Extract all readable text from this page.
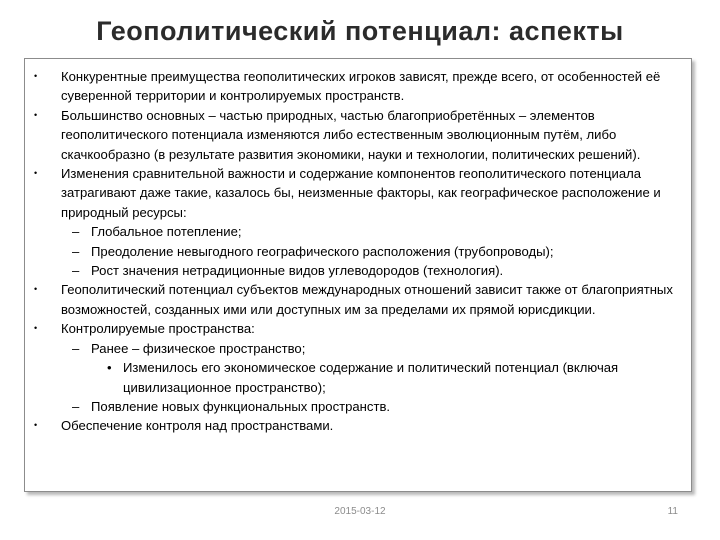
Геополитический потенциал: аспекты
• Конкурентные преимущества геополитических игроков зависят, прежде всего, от особенностей её суверенной территории и контролируемых пространств.
• Большинство основных – частью природных, частью благоприобретённых – элементов геополитического потенциала изменяются либо естественным эволюционным путём, либо скачкообразно (в результате развития экономики, науки и технологии, политических решений).
• Изменения сравнительной важности и содержание компонентов геополитического потенциала затрагивают даже такие, казалось бы, неизменные факторы, как географическое расположение и природный ресурсы:
– Глобальное потепление;
– Преодоление невыгодного географического расположения (трубопроводы);
– Рост значения нетрадиционные видов углеводородов (технология).
• Геополитический потенциал субъектов международных отношений зависит также от благоприятных возможностей, созданных ими или доступных им за пределами их прямой юрисдикции.
• Контролируемые пространства:
– Ранее – физическое пространство;
• Изменилось его экономическое содержание и политический потенциал (включая цивилизационное пространство);
– Появление новых функциональных пространств.
• Обеспечение контроля над пространствами.
2015-03-12	11
